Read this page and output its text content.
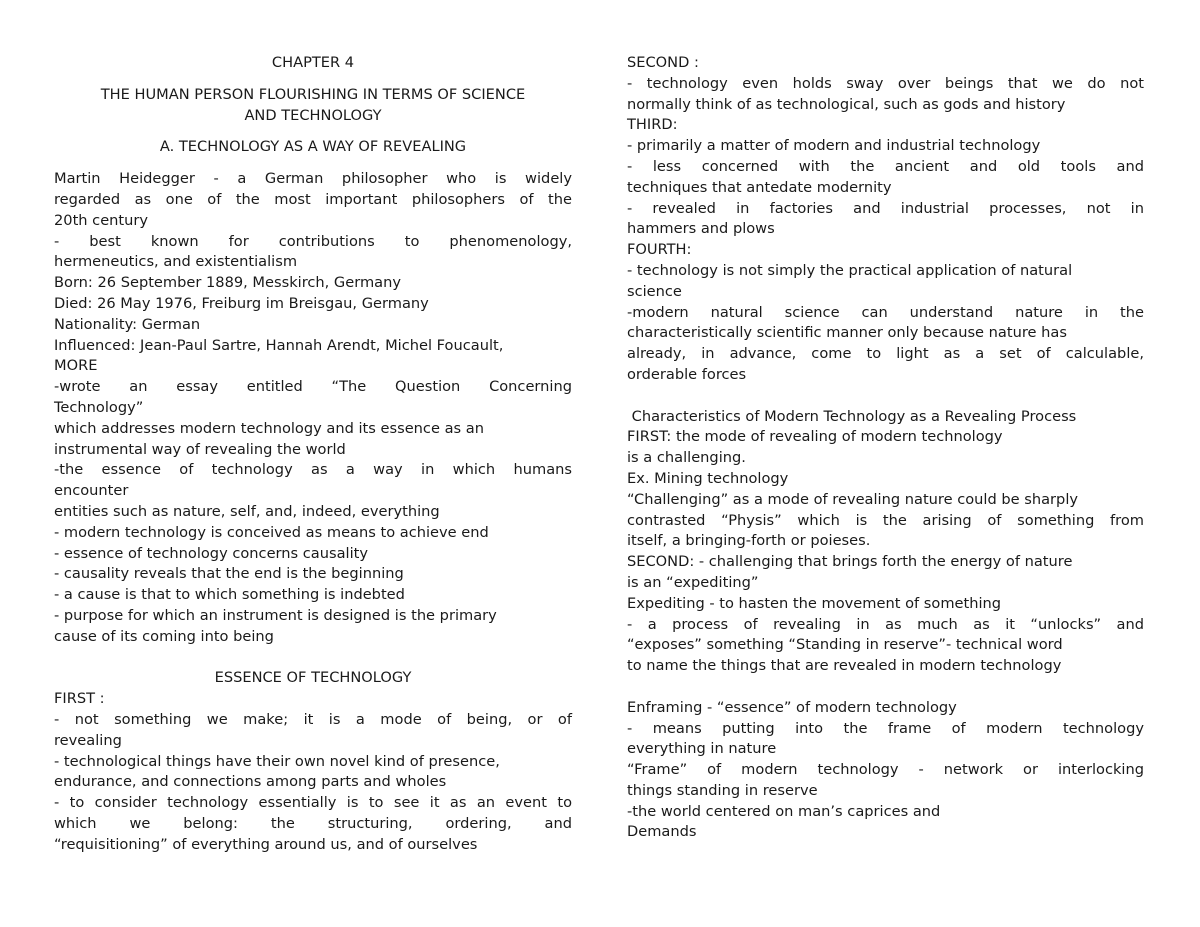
CHAPTER 4
THE HUMAN PERSON FLOURISHING IN TERMS OF SCIENCE
AND TECHNOLOGY
A. TECHNOLOGY AS A WAY OF REVEALING
Martin Heidegger - a German philosopher who is widely
regarded as one of the most important philosophers of the
20th century
- best known for contributions to phenomenology,
hermeneutics, and existentialism
Born: 26 September 1889, Messkirch, Germany
Died: 26 May 1976, Freiburg im Breisgau, Germany
Nationality: German
Influenced: Jean-Paul Sartre, Hannah Arendt, Michel Foucault,
MORE
-wrote an essay entitled “The Question Concerning
Technology”
which addresses modern technology and its essence as an
instrumental way of revealing the world
-the essence of technology as a way in which humans
encounter
entities such as nature, self, and, indeed, everything
- modern technology is conceived as means to achieve end
- essence of technology concerns causality
- causality reveals that the end is the beginning
- a cause is that to which something is indebted
- purpose for which an instrument is designed is the primary
cause of its coming into being
ESSENCE OF TECHNOLOGY
FIRST :
- not something we make; it is a mode of being, or of
revealing
- technological things have their own novel kind of presence,
endurance, and connections among parts and wholes
- to consider technology essentially is to see it as an event to
which we belong: the structuring, ordering, and
“requisitioning” of everything around us, and of ourselves
SECOND :
- technology even holds sway over beings that we do not
normally think of as technological, such as gods and history
THIRD:
- primarily a matter of modern and industrial technology
- less concerned with the ancient and old tools and
techniques that antedate modernity
- revealed in factories and industrial processes, not in
hammers and plows
FOURTH:
- technology is not simply the practical application of natural
science
-modern natural science can understand nature in the
characteristically scientific manner only because nature has
already, in advance, come to light as a set of calculable,
orderable forces
Characteristics of Modern Technology as a Revealing Process
FIRST: the mode of revealing of modern technology
is a challenging.
Ex. Mining technology
“Challenging” as a mode of revealing nature could be sharply
contrasted “Physis” which is the arising of something from
itself, a bringing-forth or poieses.
SECOND: - challenging that brings forth the energy of nature
is an “expediting”
Expediting - to hasten the movement of something
- a process of revealing in as much as it “unlocks” and
“exposes” something “Standing in reserve”- technical word
to name the things that are revealed in modern technology
Enframing - “essence” of modern technology
- means putting into the frame of modern technology
everything in nature
“Frame” of modern technology - network or interlocking
things standing in reserve
-the world centered on man’s caprices and
Demands
